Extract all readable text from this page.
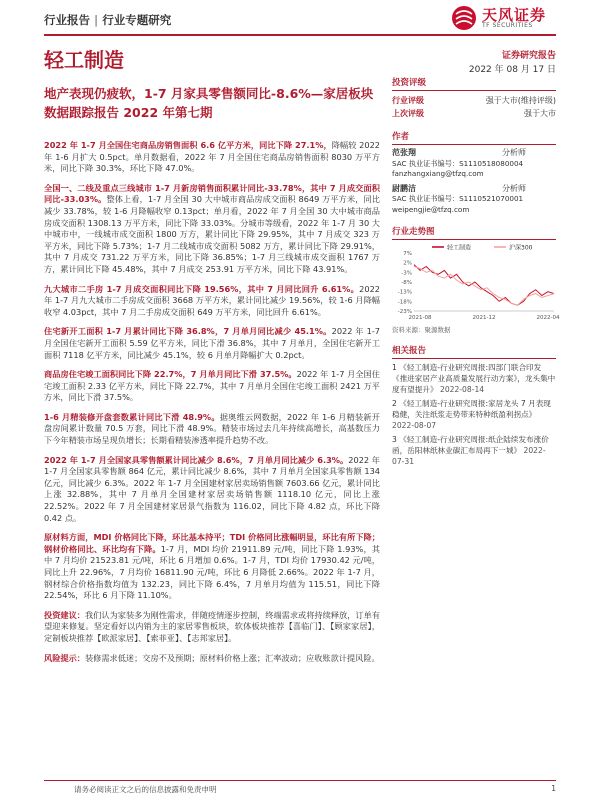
行业报告 | 行业专题研究	天风证券
TF SECURITIES
轻工制造	证券研究报告
2022 年 08 月 17 日
地产表现仍疲软，1-7 月家具零售额同比-8.6%—家居板块数据跟踪报告 2022 年第七期

2022 年 1-7 月全国住宅商品房销售面积 6.6 亿平方米，同比下降 27.1%，降幅较 2022 年 1-6 月扩大 0.5pct。单月数据看，2022 年 7 月全国住宅商品房销售面积 8030 万平方米，同比下降 30.3%，环比下降 47.0%。

全国一、二线及重点三线城市 1-7 月新房销售面积累计同比-33.78%，其中 7 月成交面积同比-33.03%。整体上看，1-7 月全国 30 大中城市商品房成交面积 8649 万平方米，同比减少 33.78%，较 1-6 月降幅收窄 0.13pct；单月看，2022 年 7 月全国 30 大中城市商品房成交面积 1308.13 万平方米，同比下降 33.03%。分城市等级看，2022 年 1-7 月 30 大中城市中，一线城市成交面积 1800 万方，累计同比下降 29.95%，其中 7 月成交 323 万平方米，同比下降 5.73%；1-7 月二线城市成交面积 5082 万方，累计同比下降 29.91%，其中 7 月成交 731.22 万平方米，同比下降 36.85%；1-7 月三线城市成交面积 1767 万方，累计同比下降 45.48%，其中 7 月成交 253.91 万平方米，同比下降 43.91%。

九大城市二手房 1-7 月成交面积同比下降 19.56%，其中 7 月同比回升 6.61%。2022 年 1-7 月九大城市二手房成交面积 3668 万平方米，累计同比减少 19.56%，较 1-6 月降幅收窄 4.03pct，其中 7 月二手房成交面积 649 万平方米，同比回升 6.61%。

住宅新开工面积 1-7 月累计同比下降 36.8%，7 月单月同比减少 45.1%。2022 年 1-7 月全国住宅新开工面积 5.59 亿平方米，同比下滑 36.8%，其中 7 月单月，全国住宅新开工面积 7118 亿平方米，同比减少 45.1%，较 6 月单月降幅扩大 0.2pct。

商品房住宅竣工面积同比下降 22.7%，7 月单月同比下滑 37.5%。2022 年 1-7 月全国住宅竣工面积 2.33 亿平方米，同比下降 22.7%，其中 7 月单月全国住宅竣工面积 2421 万平方米，同比下滑 37.5%。

1-6 月精装修开盘套数累计同比下滑 48.9%。据奥维云网数据，2022 年 1-6 月精装新开盘房间累计数量 70.5 万套，同比下滑 48.9%。精装市场过去几年持续高增长，高基数压力下今年精装市场呈现负增长；长期看精装渗透率提升趋势不改。

2022 年 1-7 月全国家具零售额累计同比减少 8.6%，7 月单月同比减少 6.3%。2022 年 1-7 月全国家具零售额 864 亿元，累计同比减少 8.6%，其中 7 月单月全国家具零售额 134 亿元，同比减少 6.3%。2022 年 1-7 月全国建材家居卖场销售额 7603.66 亿元，累计同比上涨 32.88%，其中 7 月单月全国建材家居卖场销售额 1118.10 亿元，同比上涨 22.52%。2022 年 7 月全国建材家居景气指数为 116.02，同比下降 4.82 点，环比下降 0.42 点。

原材料方面，MDI 价格同比下降，环比基本持平；TDI 价格同比涨幅明显，环比有所下降；钢材价格同比、环比均有下降。1-7 月，MDI 均价 21911.89 元/吨，同比下降 1.93%，其中 7 月均价 21523.81 元/吨，环比 6 月增加 0.6%。1-7 月，TDI 均价 17930.42 元/吨，同比上升 22.96%，7 月均价 16811.90 元/吨，环比 6 月降低 2.66%。2022 年 1-7 月，钢材综合价格指数均值为 132.23，同比下降 6.4%，7 月单月均值为 115.51，同比下降 22.54%，环比 6 月下降 11.10%。

投资建议：我们认为家装多为刚性需求，伴随疫情逐步控制，终端需求或将持续释放，订单有望迎来修复。坚定看好以内销为主的家居零售板块，软体板块推荐【喜临门】、【顾家家居】，定制板块推荐【欧派家居】、【索菲亚】、【志邦家居】。

风险提示：装修需求低迷；交房不及预期；原材料价格上涨；汇率波动；应收账款计提风险。

投资评级
行业评级	强于大市(维持评级)
上次评级	强于大市
作者
范张翔	分析师
SAC 执业证书编号：S1110518080004
fanzhangxiang@tfzq.com
尉鹏洁	分析师
SAC 执业证书编号：S1110521070001
weipengjie@tfzq.com
行业走势图
轻工制造	沪深300
7%
2%
-3%
-8%
-13%
-18%
-23%
2021-08	2021-12	2022-04
资料来源：聚源数据
相关报告
1 《轻工制造-行业研究周报:四部门联合印发《推进家居产业高质量发展行动方案》，龙头集中度有望提升》 2022-08-14
2 《轻工制造-行业研究周报:家居龙头 7 月表现稳健，关注纸浆走势带来特种纸盈利拐点》 2022-08-07
3 《轻工制造-行业研究周报:纸企陆续发布涨价函，岳阳林纸林业碳汇布局再下一城》 2022-07-31
请务必阅读正文之后的信息披露和免责申明	1
